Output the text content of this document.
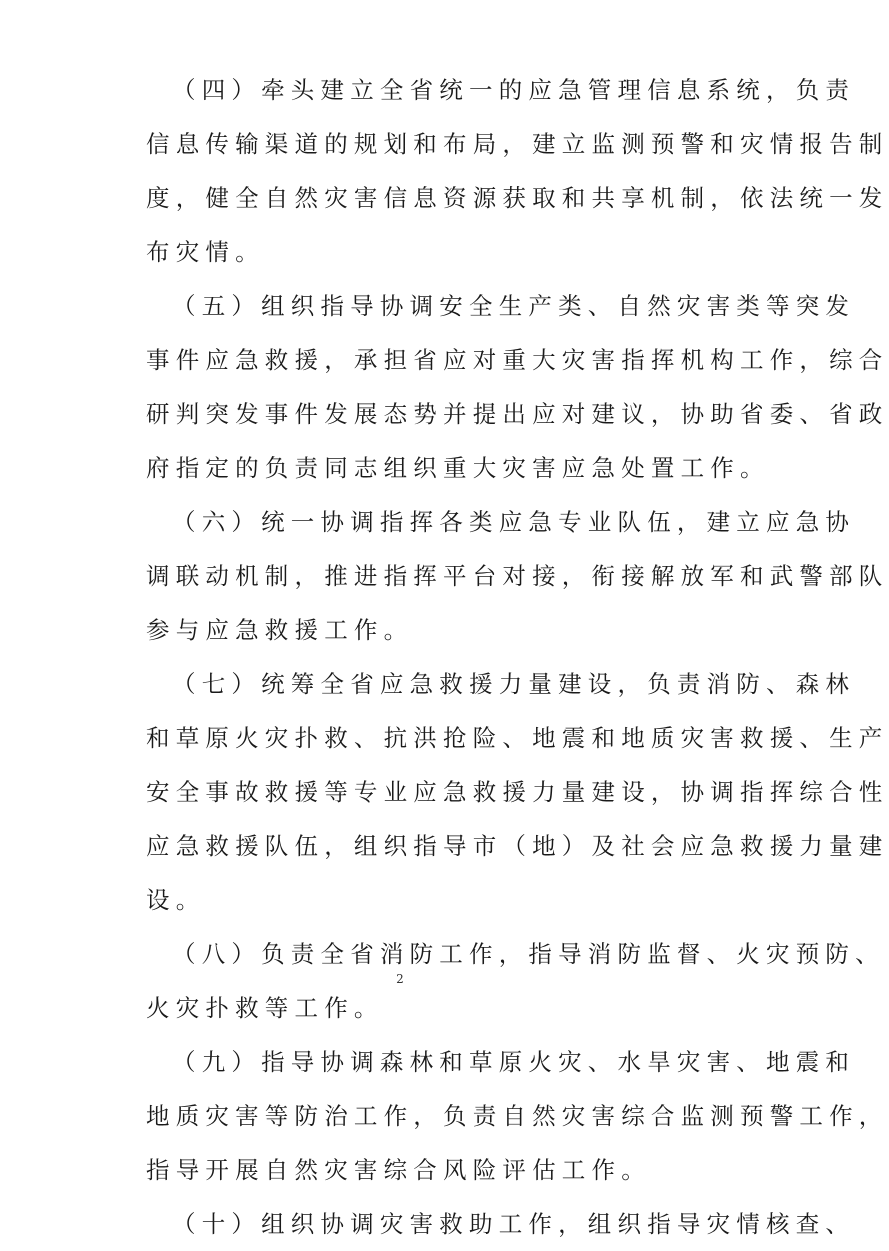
（四）牵头建立全省统一的应急管理信息系统，负责
信息传输渠道的规划和布局，建立监测预警和灾情报告制
度，健全自然灾害信息资源获取和共享机制，依法统一发
布灾情。
（五）组织指导协调安全生产类、自然灾害类等突发
事件应急救援，承担省应对重大灾害指挥机构工作，综合
研判突发事件发展态势并提出应对建议，协助省委、省政
府指定的负责同志组织重大灾害应急处置工作。
（六）统一协调指挥各类应急专业队伍，建立应急协
调联动机制，推进指挥平台对接，衔接解放军和武警部队
参与应急救援工作。
（七）统筹全省应急救援力量建设，负责消防、森林
和草原火灾扑救、抗洪抢险、地震和地质灾害救援、生产
安全事故救援等专业应急救援力量建设，协调指挥综合性
应急救援队伍，组织指导市（地）及社会应急救援力量建
设。
（八）负责全省消防工作，指导消防监督、火灾预防、
火灾扑救等工作。
（九）指导协调森林和草原火灾、水旱灾害、地震和
地质灾害等防治工作，负责自然灾害综合监测预警工作，
指导开展自然灾害综合风险评估工作。
（十）组织协调灾害救助工作，组织指导灾情核查、
2
